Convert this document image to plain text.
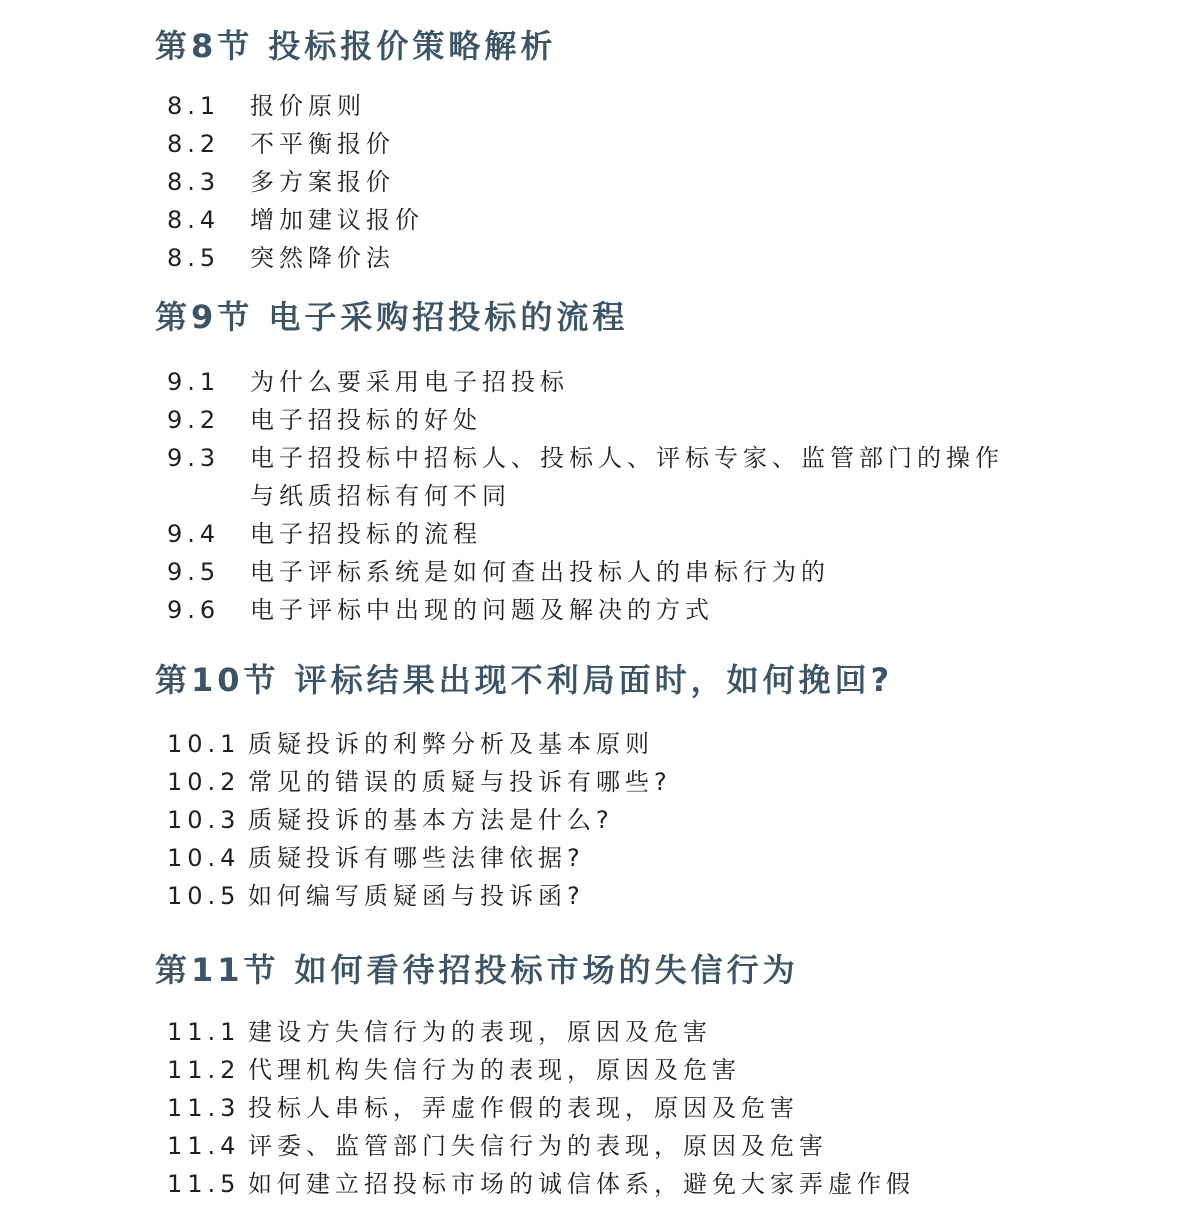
第8节 投标报价策略解析
8.1 报价原则
8.2 不平衡报价
8.3 多方案报价
8.4 增加建议报价
8.5 突然降价法
第9节 电子采购招投标的流程
9.1 为什么要采用电子招投标
9.2 电子招投标的好处
9.3 电子招投标中招标人、投标人、评标专家、监管部门的操作
与纸质招标有何不同
9.4 电子招投标的流程
9.5 电子评标系统是如何查出投标人的串标行为的
9.6 电子评标中出现的问题及解决的方式
第10节 评标结果出现不利局面时，如何挽回?
10.1 质疑投诉的利弊分析及基本原则
10.2 常见的错误的质疑与投诉有哪些?
10.3 质疑投诉的基本方法是什么?
10.4 质疑投诉有哪些法律依据?
10.5 如何编写质疑函与投诉函?
第11节 如何看待招投标市场的失信行为
11.1 建设方失信行为的表现，原因及危害
11.2 代理机构失信行为的表现，原因及危害
11.3 投标人串标，弄虚作假的表现，原因及危害
11.4 评委、监管部门失信行为的表现，原因及危害
11.5 如何建立招投标市场的诚信体系，避免大家弄虚作假
